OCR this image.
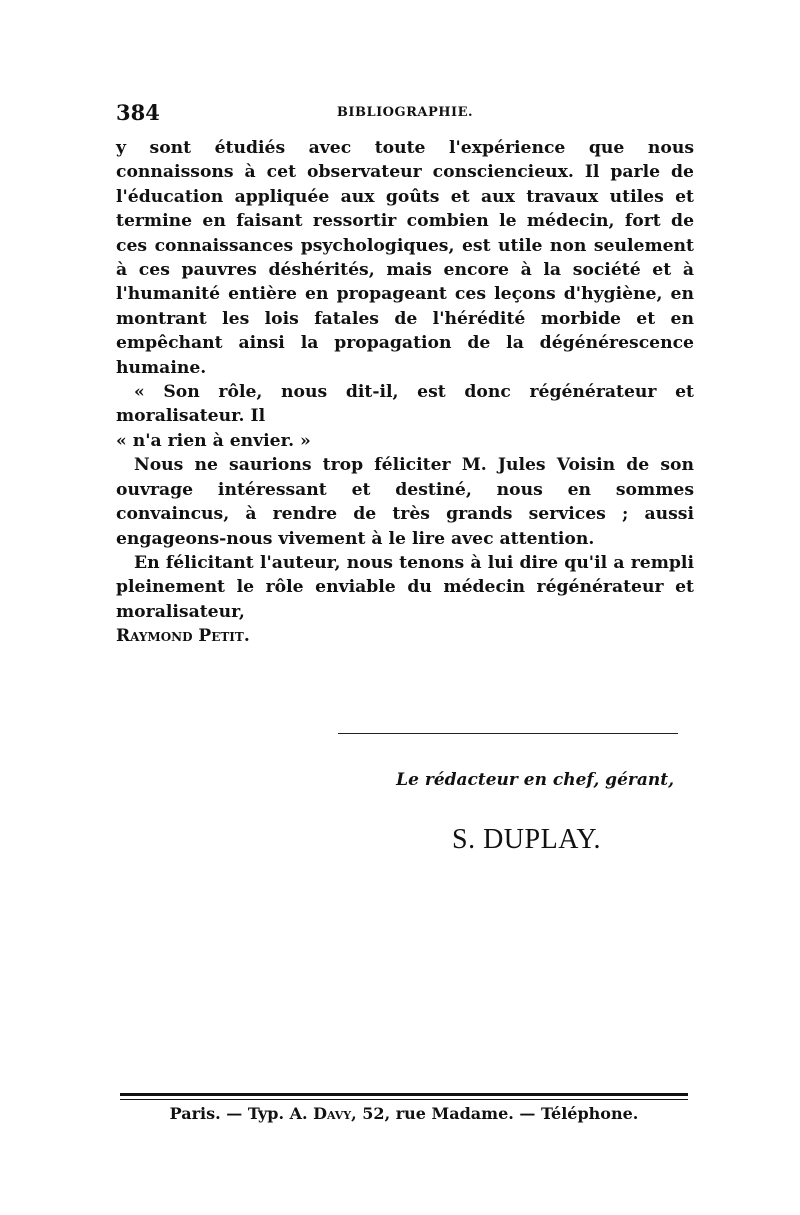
384	BIBLIOGRAPHIE.

y sont étudiés avec toute l'expérience que nous connaissons à cet observateur consciencieux. Il parle de l'éducation appliquée aux goûts et aux travaux utiles et termine en faisant ressortir combien le médecin, fort de ces connaissances psychologiques, est utile non seulement à ces pauvres déshérités, mais encore à la société et à l'humanité entière en propageant ces leçons d'hygiène, en montrant les lois fatales de l'hérédité morbide et en empêchant ainsi la propagation de la dégénérescence humaine.

« Son rôle, nous dit-il, est donc régénérateur et moralisateur. Il

« n'a rien à envier. »

Nous ne saurions trop féliciter M. Jules Voisin de son ouvrage intéressant et destiné, nous en sommes convaincus, à rendre de très grands services ; aussi engageons-nous vivement à le lire avec attention.

En félicitant l'auteur, nous tenons à lui dire qu'il a rempli pleinement le rôle enviable du médecin régénérateur et moralisateur,

Raymond Petit.

Le rédacteur en chef, gérant,
S. DUPLAY.
Paris. — Typ. A. Davy, 52, rue Madame. — Téléphone.
